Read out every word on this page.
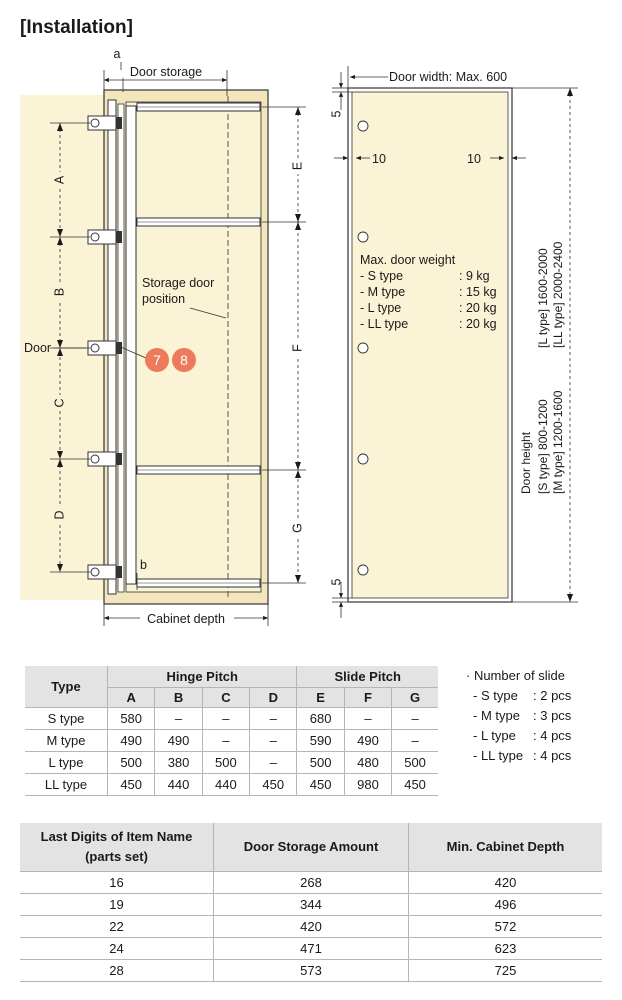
[Installation]
a
Door storage
A
B
C
D
Door
Storage door
position
7 8
b
E
F
G
Cabinet depth
Door width: Max. 600
5
10	10
Max. door weight
- S type	: 9 kg
- M type	: 15 kg
- L type	: 20 kg
- LL type	: 20 kg
5
[L type] 1600-2000 [LL type] 2000-2400
Door height [S type] 800-1200 [M type] 1200-1600
Type	Hinge Pitch				Slide Pitch		
	A	B	C	D	E	F	G
S type	580	–	–	–	680	–	–
M type	490	490	–	–	590	490	–
L type	500	380	500	–	500	480	500
LL type	450	440	440	450	450	980	450
· Number of slide
- S type : 2 pcs
- M type : 3 pcs
- L type : 4 pcs
- LL type : 4 pcs
Last Digits of Item Name
(parts set)	Door Storage Amount	Min. Cabinet Depth
16	268	420
19	344	496
22	420	572
24	471	623
28	573	725
